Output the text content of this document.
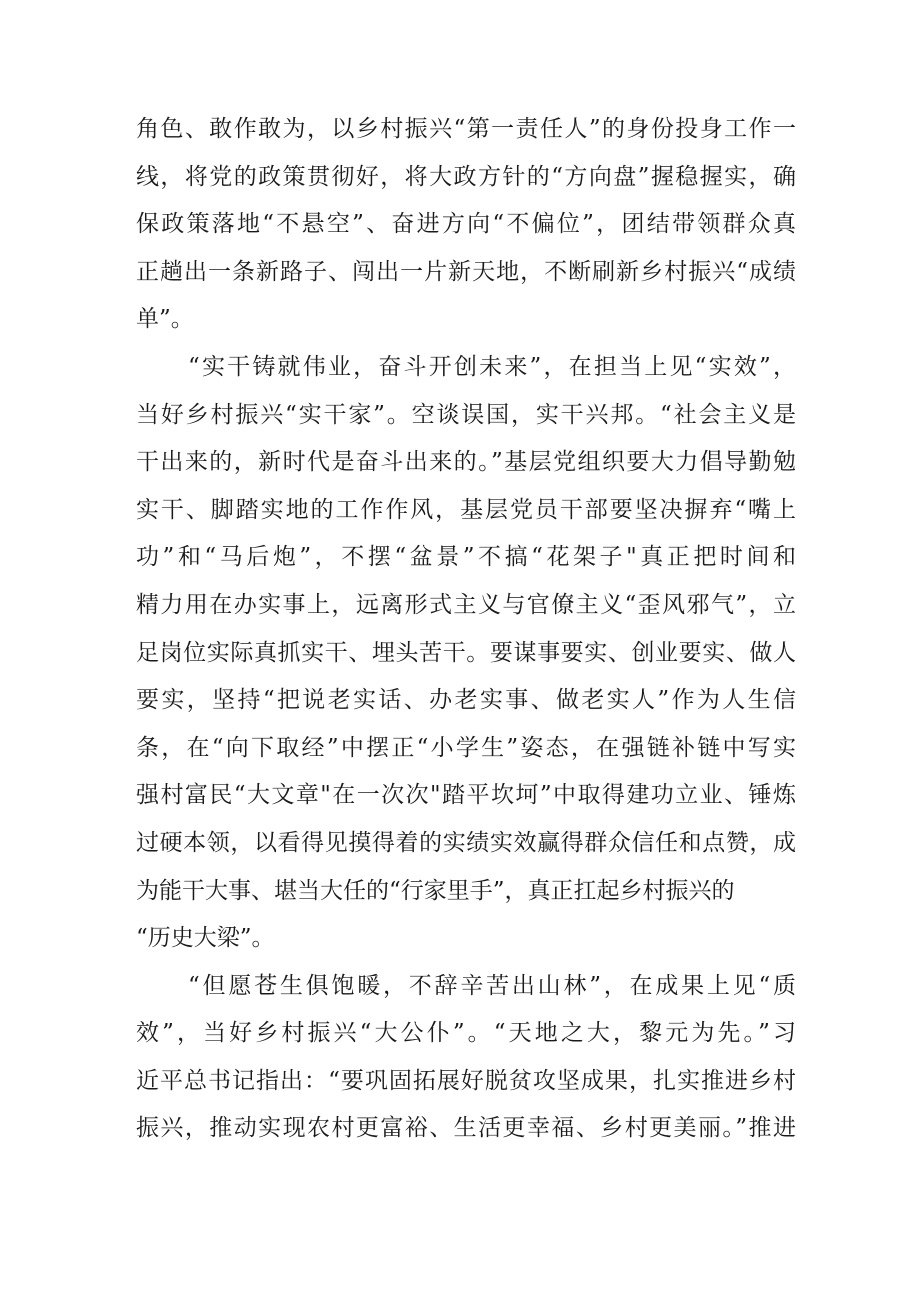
角色、敢作敢为，以乡村振兴“第一责任人”的身份投身工作一
线，将党的政策贯彻好，将大政方针的“方向盘”握稳握实，确
保政策落地“不悬空”、奋进方向“不偏位”，团结带领群众真
正趟出一条新路子、闯出一片新天地，不断刷新乡村振兴“成绩
单”。
“实干铸就伟业，奋斗开创未来”，在担当上见“实效”，
当好乡村振兴“实干家”。空谈误国，实干兴邦。“社会主义是
干出来的，新时代是奋斗出来的。”基层党组织要大力倡导勤勉
实干、脚踏实地的工作作风，基层党员干部要坚决摒弃“嘴上
功”和“马后炮”，不摆“盆景”不搞“花架子"真正把时间和
精力用在办实事上，远离形式主义与官僚主义“歪风邪气”，立
足岗位实际真抓实干、埋头苦干。要谋事要实、创业要实、做人
要实，坚持“把说老实话、办老实事、做老实人”作为人生信
条，在“向下取经”中摆正“小学生”姿态，在强链补链中写实
强村富民“大文章"在一次次"踏平坎坷”中取得建功立业、锤炼
过硬本领，以看得见摸得着的实绩实效赢得群众信任和点赞，成
为能干大事、堪当大任的“行家里手”，真正扛起乡村振兴的
“历史大梁”。
“但愿苍生俱饱暖，不辞辛苦出山林”，在成果上见“质
效”，当好乡村振兴“大公仆”。“天地之大，黎元为先。”习
近平总书记指出：“要巩固拓展好脱贫攻坚成果，扎实推进乡村
振兴，推动实现农村更富裕、生活更幸福、乡村更美丽。”推进
